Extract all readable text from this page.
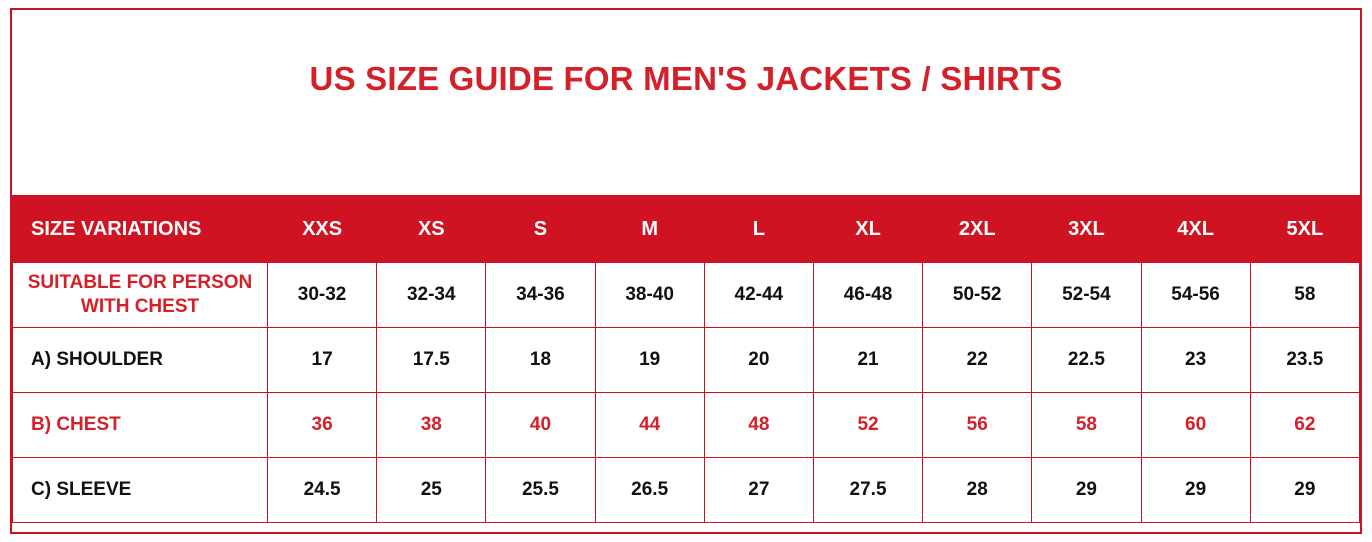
US SIZE GUIDE FOR MEN'S JACKETS / SHIRTS
SIZE VARIATIONS	XXS	XS	S	M	L	XL	2XL	3XL	4XL	5XL
SUITABLE FOR PERSON
WITH CHEST	30-32	32-34	34-36	38-40	42-44	46-48	50-52	52-54	54-56	58
A) SHOULDER	17	17.5	18	19	20	21	22	22.5	23	23.5
B) CHEST	36	38	40	44	48	52	56	58	60	62
C) SLEEVE	24.5	25	25.5	26.5	27	27.5	28	29	29	29
